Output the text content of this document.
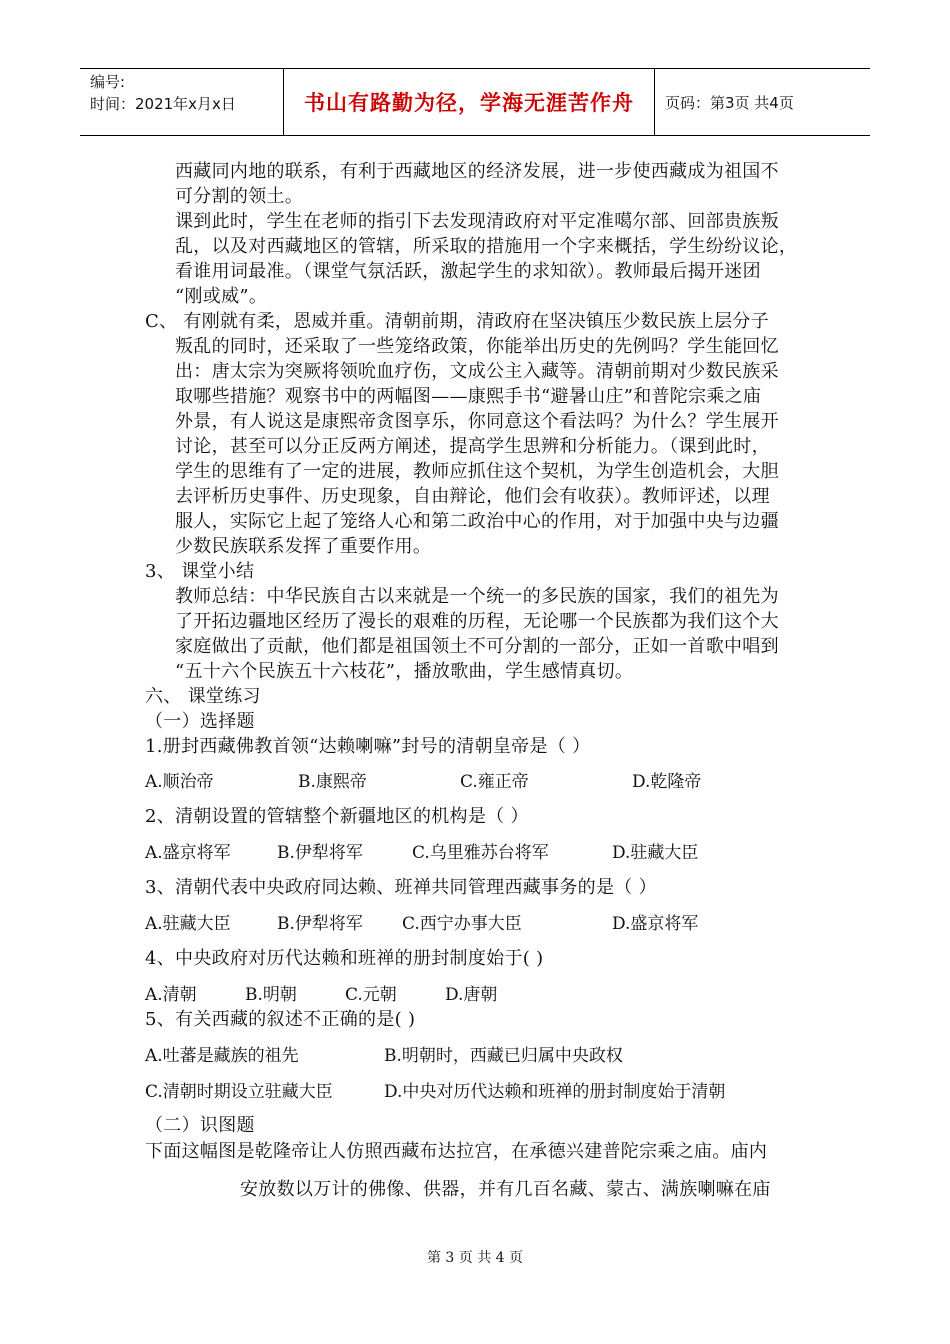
编号:
时间：2021年x月x日	书山有路勤为径，学海无涯苦作舟	页码：第3页 共4页
西藏同内地的联系，有利于西藏地区的经济发展，进一步使西藏成为祖国不
可分割的领土。
课到此时，学生在老师的指引下去发现清政府对平定准噶尔部、回部贵族叛
乱，以及对西藏地区的管辖，所采取的措施用一个字来概括，学生纷纷议论，
看谁用词最准。（课堂气氛活跃，激起学生的求知欲）。教师最后揭开迷团
“刚或威”。
C、 有刚就有柔，恩威并重。清朝前期，清政府在坚决镇压少数民族上层分子
叛乱的同时，还采取了一些笼络政策，你能举出历史的先例吗？学生能回忆
出：唐太宗为突厥将领吮血疗伤，文成公主入藏等。清朝前期对少数民族采
取哪些措施？观察书中的两幅图——康熙手书“避暑山庄”和普陀宗乘之庙
外景，有人说这是康熙帝贪图享乐，你同意这个看法吗？为什么？学生展开
讨论，甚至可以分正反两方阐述，提高学生思辨和分析能力。（课到此时，
学生的思维有了一定的进展，教师应抓住这个契机，为学生创造机会，大胆
去评析历史事件、历史现象，自由辩论，他们会有收获）。教师评述，以理
服人，实际它上起了笼络人心和第二政治中心的作用，对于加强中央与边疆
少数民族联系发挥了重要作用。
3、 课堂小结
教师总结：中华民族自古以来就是一个统一的多民族的国家，我们的祖先为
了开拓边疆地区经历了漫长的艰难的历程，无论哪一个民族都为我们这个大
家庭做出了贡献，他们都是祖国领土不可分割的一部分，正如一首歌中唱到
“五十六个民族五十六枝花”，播放歌曲，学生感情真切。
六、 课堂练习
（一）选择题
1.册封西藏佛教首领“达赖喇嘛”封号的清朝皇帝是（ ）
A.顺治帝	B.康熙帝	C.雍正帝	D.乾隆帝
2、清朝设置的管辖整个新疆地区的机构是（ ）
A.盛京将军	B.伊犁将军	C.乌里雅苏台将军	D.驻藏大臣
3、清朝代表中央政府同达赖、班禅共同管理西藏事务的是（ ）
A.驻藏大臣	B.伊犁将军 C.西宁办事大臣	D.盛京将军
4、中央政府对历代达赖和班禅的册封制度始于( )
A.清朝	B.明朝	C.元朝	D.唐朝
5、有关西藏的叙述不正确的是( )
A.吐蕃是藏族的祖先	B.明朝时，西藏已归属中央政权
C.清朝时期设立驻藏大臣	D.中央对历代达赖和班禅的册封制度始于清朝
（二）识图题
下面这幅图是乾隆帝让人仿照西藏布达拉宫，在承德兴建普陀宗乘之庙。庙内
安放数以万计的佛像、供器，并有几百名藏、蒙古、满族喇嘛在庙
第 3 页 共 4 页
